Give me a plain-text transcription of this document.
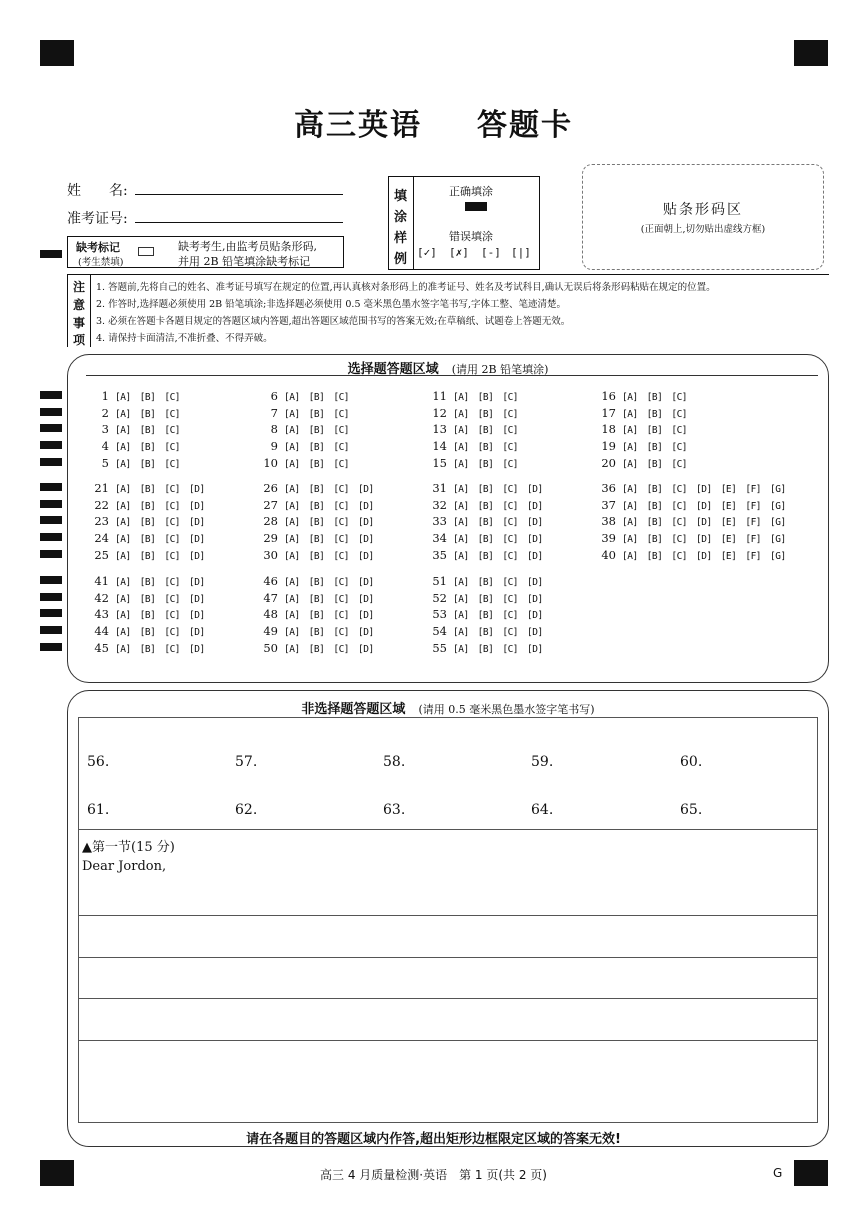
高三英语 答题卡
姓　　名:
准考证号:
缺考标记
(考生禁填)
缺考考生,由监考员贴条形码,
并用 2B 铅笔填涂缺考标记
填
涂
样
例
正确填涂
错误填涂
[✓] [✗] [-] [|]
贴条形码区
(正面朝上,切勿贴出虚线方框)
注
意
事
项
1. 答题前,先将自己的姓名、准考证号填写在规定的位置,再认真核对条形码上的准考证号、姓名及考试科目,确认无误后将条形码粘贴在规定的位置。
2. 作答时,选择题必须使用 2B 铅笔填涂;非选择题必须使用 0.5 毫米黑色墨水签字笔书写,字体工整、笔迹清楚。
3. 必须在答题卡各题目规定的答题区域内答题,超出答题区域范围书写的答案无效;在草稿纸、试题卷上答题无效。
4. 请保持卡面清洁,不准折叠、不得弄破。
选择题答题区域 (请用 2B 铅笔填涂)
1 [A] [B] [C]
2 [A] [B] [C]
3 [A] [B] [C]
4 [A] [B] [C]
5 [A] [B] [C]
6 [A] [B] [C]
7 [A] [B] [C]
8 [A] [B] [C]
9 [A] [B] [C]
10 [A] [B] [C]
11 [A] [B] [C]
12 [A] [B] [C]
13 [A] [B] [C]
14 [A] [B] [C]
15 [A] [B] [C]
16 [A] [B] [C]
17 [A] [B] [C]
18 [A] [B] [C]
19 [A] [B] [C]
20 [A] [B] [C]
21 [A] [B] [C] [D]
22 [A] [B] [C] [D]
23 [A] [B] [C] [D]
24 [A] [B] [C] [D]
25 [A] [B] [C] [D]
26 [A] [B] [C] [D]
27 [A] [B] [C] [D]
28 [A] [B] [C] [D]
29 [A] [B] [C] [D]
30 [A] [B] [C] [D]
31 [A] [B] [C] [D]
32 [A] [B] [C] [D]
33 [A] [B] [C] [D]
34 [A] [B] [C] [D]
35 [A] [B] [C] [D]
36 [A] [B] [C] [D] [E] [F] [G]
37 [A] [B] [C] [D] [E] [F] [G]
38 [A] [B] [C] [D] [E] [F] [G]
39 [A] [B] [C] [D] [E] [F] [G]
40 [A] [B] [C] [D] [E] [F] [G]
41 [A] [B] [C] [D]
42 [A] [B] [C] [D]
43 [A] [B] [C] [D]
44 [A] [B] [C] [D]
45 [A] [B] [C] [D]
46 [A] [B] [C] [D]
47 [A] [B] [C] [D]
48 [A] [B] [C] [D]
49 [A] [B] [C] [D]
50 [A] [B] [C] [D]
51 [A] [B] [C] [D]
52 [A] [B] [C] [D]
53 [A] [B] [C] [D]
54 [A] [B] [C] [D]
55 [A] [B] [C] [D]
非选择题答题区域 (请用 0.5 毫米黑色墨水签字笔书写)
56.	57.	58.	59.	60.
61.	62.	63.	64.	65.
▲第一节(15 分)
Dear Jordon,
请在各题目的答题区域内作答,超出矩形边框限定区域的答案无效!
高三 4 月质量检测·英语　第 1 页(共 2 页)	G
